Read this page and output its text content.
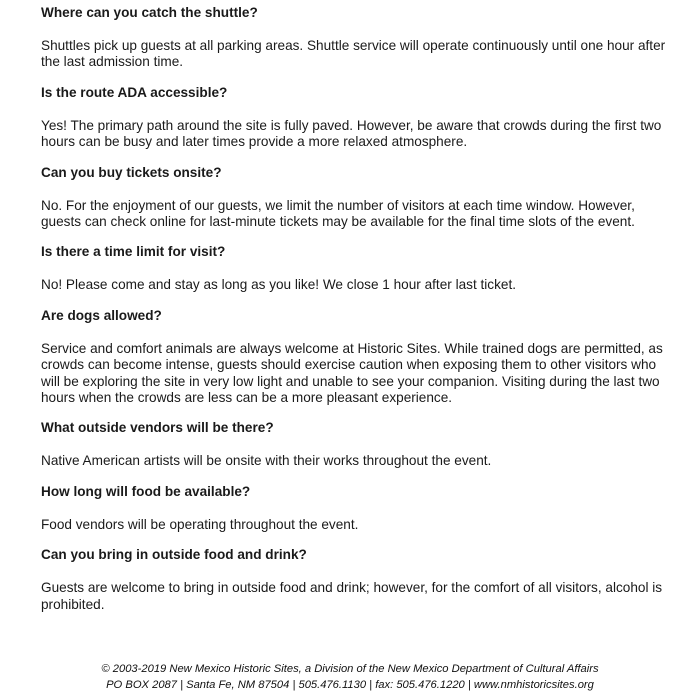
Where can you catch the shuttle?
Shuttles pick up guests at all parking areas. Shuttle service will operate continuously until one hour after the last admission time.
Is the route ADA accessible?
Yes! The primary path around the site is fully paved. However, be aware that crowds during the first two hours can be busy and later times provide a more relaxed atmosphere.
Can you buy tickets onsite?
No. For the enjoyment of our guests, we limit the number of visitors at each time window. However, guests can check online for last-minute tickets may be available for the final time slots of the event.
Is there a time limit for visit?
No! Please come and stay as long as you like! We close 1 hour after last ticket.
Are dogs allowed?
Service and comfort animals are always welcome at Historic Sites. While trained dogs are permitted, as crowds can become intense, guests should exercise caution when exposing them to other visitors who will be exploring the site in very low light and unable to see your companion. Visiting during the last two hours when the crowds are less can be a more pleasant experience.
What outside vendors will be there?
Native American artists will be onsite with their works throughout the event.
How long will food be available?
Food vendors will be operating throughout the event.
Can you bring in outside food and drink?
Guests are welcome to bring in outside food and drink; however, for the comfort of all visitors, alcohol is prohibited.
© 2003-2019 New Mexico Historic Sites, a Division of the New Mexico Department of Cultural Affairs
PO BOX 2087 | Santa Fe, NM 87504 | 505.476.1130 | fax: 505.476.1220 | www.nmhistoricsites.org
